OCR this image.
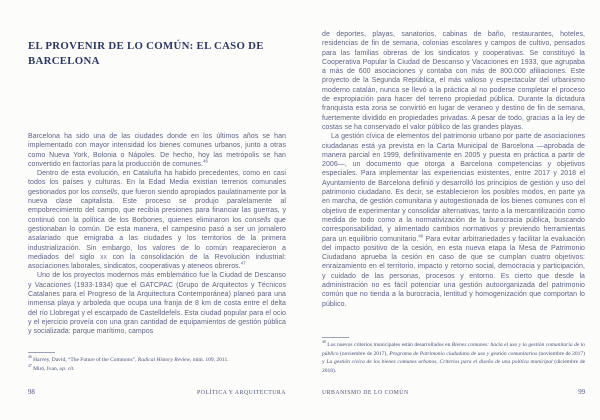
EL PROVENIR DE LO COMÚN: EL CASO DE BARCELONA

Barcelona ha sido una de las ciudades donde en los últimos años se han implementado con mayor intensidad los bienes comunes urbanos, junto a otras como Nueva York, Bolonia o Nápoles. De hecho, hoy las metrópolis se han convertido en factorías para la producción de comunes.$^{46}$

Dentro de esta evolución, en Cataluña ha habido precedentes, como en casi todos los países y culturas. En la Edad Media existían terrenos comunales gestionados por los consells, que fueron siendo apropiados paulatinamente por la nueva clase capitalista. Este proceso se produjo paralelamente al empobrecimiento del campo, que recibía presiones para financiar las guerras, y continuó con la política de los Borbones, quienes eliminaron los consells que gestionaban lo común. De esta manera, el campesino pasó a ser un jornalero asalariado que emigraba a las ciudades y los territorios de la primera industrialización. Sin embargo, los valores de lo común reaparecieron a mediados del siglo xx con la consolidación de la Revolución industrial: asociaciones laborales, sindicatos, cooperativas y ateneos obreros.$^{47}$

Uno de los proyectos modernos más emblemático fue la Ciudad de Descanso y Vacaciones (1933-1934) que el GATCPAC (Grupo de Arquitectos y Técnicos Catalanes para el Progreso de la Arquitectura Contemporánea) planeó para una inmensa playa y arboleda que ocupa una franja de 8 km de costa entre el delta del río Llobregat y el escarpado de Castelldefels. Esta ciudad popular para el ocio y el ejercicio proveía con una gran cantidad de equipamientos de gestión pública y socializada: parque marítimo, campos

$^{46}$ Harvey, David, “The Future of the Commons”, Radical History Review, núm. 109, 2011.

$^{47}$ Miró, Ivan, op. cit.

98	POLÍTICA Y ARQUITECTURA

de deportes, playas, sanatorios, cabinas de baño, restaurantes, hoteles, residencias de fin de semana, colonias escolares y campos de cultivo, pensados para las familias obreras de los sindicatos y cooperativas. Se constituyó la Cooperativa Popular la Ciudad de Descanso y Vacaciones en 1933, que agrupaba a más de 600 asociaciones y contaba con más de 800.000 afiliaciones. Este proyecto de la Segunda República, el más valioso y espectacular del urbanismo moderno catalán, nunca se llevó a la práctica al no poderse completar el proceso de expropiación para hacer del terreno propiedad pública. Durante la dictadura franquista esta zona se convirtió en lugar de veraneo y destino de fin de semana, fuertemente dividido en propiedades privadas. A pesar de todo, gracias a la ley de costas se ha conservado el valor público de las grandes playas.

La gestión cívica de elementos del patrimonio urbano por parte de asociaciones ciudadanas está ya prevista en la Carta Municipal de Barcelona —aprobada de manera parcial en 1999, definitivamente en 2005 y puesta en práctica a partir de 2006—, un documento que otorga a Barcelona competencias y objetivos especiales. Para implementar las experiencias existentes, entre 2017 y 2018 el Ayuntamiento de Barcelona definió y desarrolló los principios de gestión y uso del patrimonio ciudadano. Es decir, se establecieron los posibles modos, en parte ya en marcha, de gestión comunitaria y autogestionada de los bienes comunes con el objetivo de experimentar y consolidar alternativas, tanto a la mercantilización como medida de todo como a la normativización de la burocracia pública, buscando corresponsabilidad, y alimentado cambios normativos y previendo herramientas para un equilibrio comunitario.$^{48}$ Para evitar arbitrariedades y facilitar la evaluación del impacto positivo de la cesión, en esta nueva etapa la Mesa de Patrimonio Ciudadano aprueba la cesión en caso de que se cumplan cuatro objetivos: enraizamiento en el territorio, impacto y retorno social, democracia y participación, y cuidado de las personas, procesos y entorno. Es cierto que desde la administración no es fácil potenciar una gestión autoorganizada del patrimonio común que no tienda a la burocracia, lentitud y homogenización que comportan lo público.

$^{48}$ Los nuevos criterios municipales están desarrollados en Bienes comunes: hacia el uso y la gestión comunitaria de lo público (noviembre de 2017), Programa de Patrimonio ciudadano de uso y gestión comunitarios (noviembre de 2017) y La gestión cívica de los bienes comunes urbanos. Criterios para el diseño de una política municipal (diciembre de 2018).

URBANISMO DE LO COMÚN	99
